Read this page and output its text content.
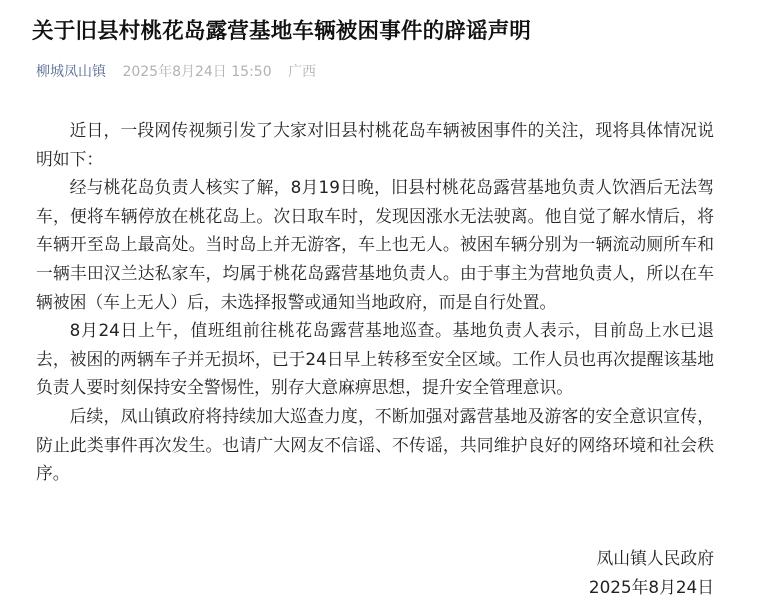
关于旧县村桃花岛露营基地车辆被困事件的辟谣声明
柳城凤山镇 2025年8月24日 15:50 广西

近日，一段网传视频引发了大家对旧县村桃花岛车辆被困事件的关注，现将具体情况说明如下：

经与桃花岛负责人核实了解，8月19日晚，旧县村桃花岛露营基地负责人饮酒后无法驾车，便将车辆停放在桃花岛上。次日取车时，发现因涨水无法驶离。他自觉了解水情后，将车辆开至岛上最高处。当时岛上并无游客，车上也无人。被困车辆分别为一辆流动厕所车和一辆丰田汉兰达私家车，均属于桃花岛露营基地负责人。由于事主为营地负责人，所以在车辆被困（车上无人）后，未选择报警或通知当地政府，而是自行处置。

8月24日上午，值班组前往桃花岛露营基地巡查。基地负责人表示，目前岛上水已退去，被困的两辆车子并无损坏，已于24日早上转移至安全区域。工作人员也再次提醒该基地负责人要时刻保持安全警惕性，别存大意麻痹思想，提升安全管理意识。

后续，凤山镇政府将持续加大巡查力度，不断加强对露营基地及游客的安全意识宣传，防止此类事件再次发生。也请广大网友不信谣、不传谣，共同维护良好的网络环境和社会秩序。

凤山镇人民政府
2025年8月24日
